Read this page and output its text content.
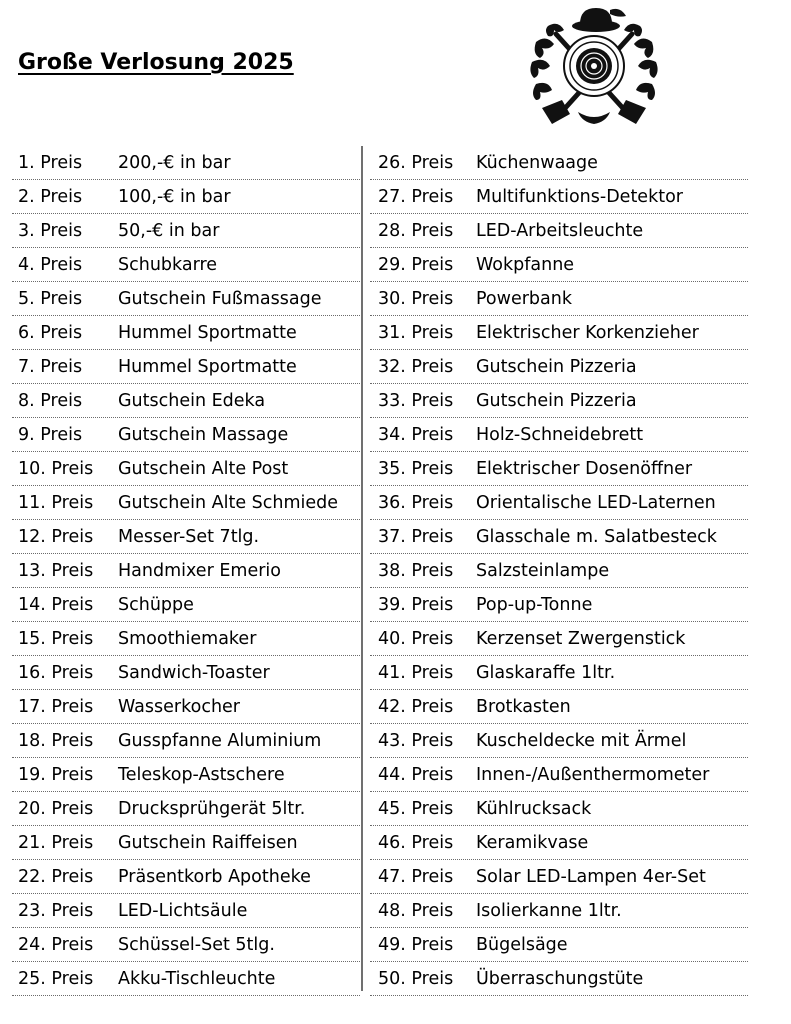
Große Verlosung 2025
1. Preis 200,-€ in bar
2. Preis 100,-€ in bar
3. Preis 50,-€ in bar
4. Preis Schubkarre
5. Preis Gutschein Fußmassage
6. Preis Hummel Sportmatte
7. Preis Hummel Sportmatte
8. Preis Gutschein Edeka
9. Preis Gutschein Massage
10. Preis Gutschein Alte Post
11. Preis Gutschein Alte Schmiede
12. Preis Messer-Set 7tlg.
13. Preis Handmixer Emerio
14. Preis Schüppe
15. Preis Smoothiemaker
16. Preis Sandwich-Toaster
17. Preis Wasserkocher
18. Preis Gusspfanne Aluminium
19. Preis Teleskop-Astschere
20. Preis Drucksprühgerät 5ltr.
21. Preis Gutschein Raiffeisen
22. Preis Präsentkorb Apotheke
23. Preis LED-Lichtsäule
24. Preis Schüssel-Set 5tlg.
25. Preis Akku-Tischleuchte
26. Preis Küchenwaage
27. Preis Multifunktions-Detektor
28. Preis LED-Arbeitsleuchte
29. Preis Wokpfanne
30. Preis Powerbank
31. Preis Elektrischer Korkenzieher
32. Preis Gutschein Pizzeria
33. Preis Gutschein Pizzeria
34. Preis Holz-Schneidebrett
35. Preis Elektrischer Dosenöffner
36. Preis Orientalische LED-Laternen
37. Preis Glasschale m. Salatbesteck
38. Preis Salzsteinlampe
39. Preis Pop-up-Tonne
40. Preis Kerzenset Zwergenstick
41. Preis Glaskaraffe 1ltr.
42. Preis Brotkasten
43. Preis Kuscheldecke mit Ärmel
44. Preis Innen-/Außenthermometer
45. Preis Kühlrucksack
46. Preis Keramikvase
47. Preis Solar LED-Lampen 4er-Set
48. Preis Isolierkanne 1ltr.
49. Preis Bügelsäge
50. Preis Überraschungstüte
